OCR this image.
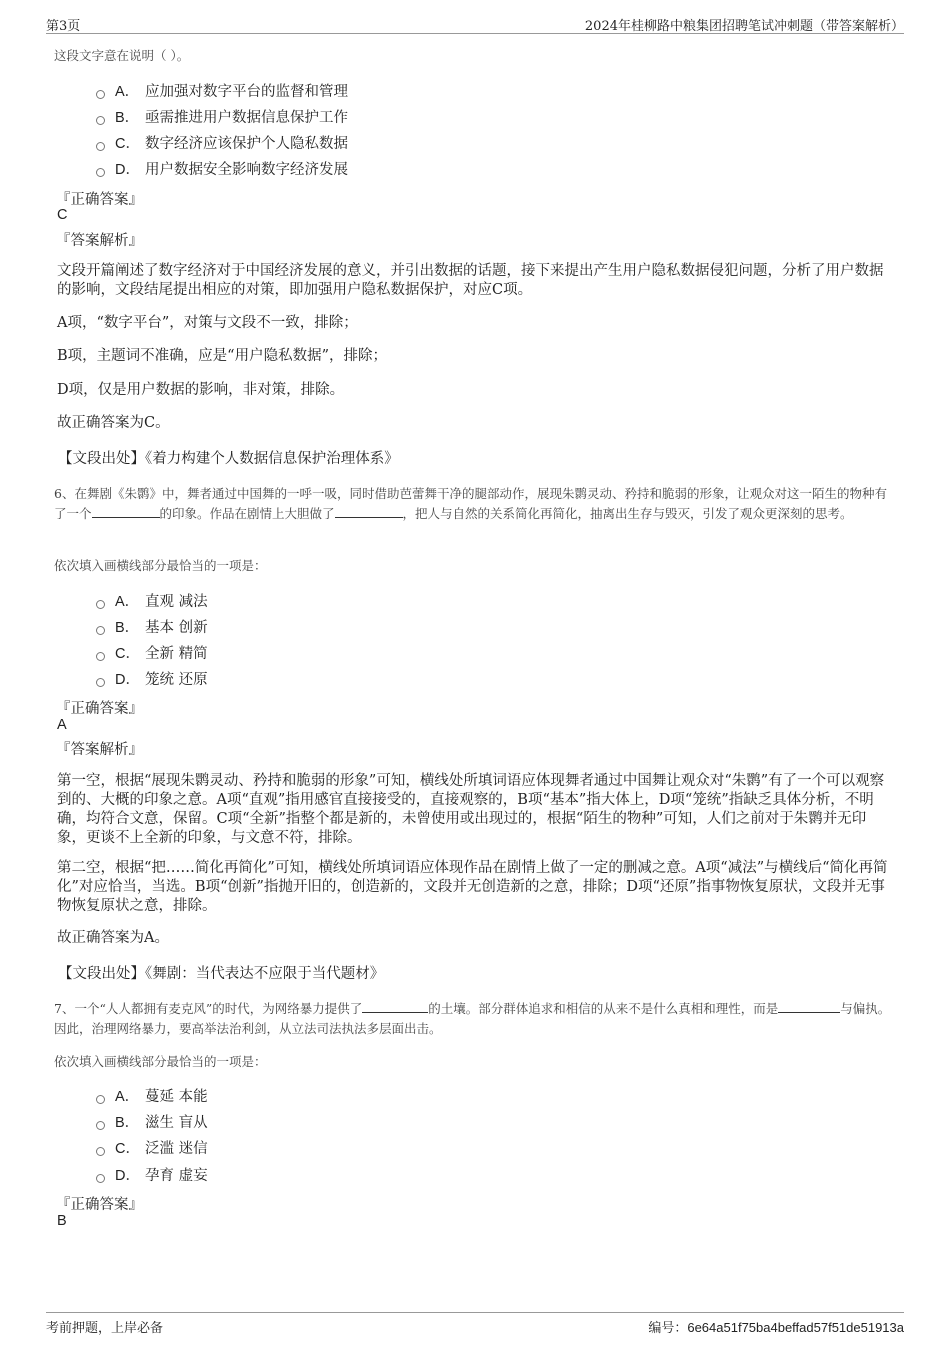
第3页	2024年桂柳路中粮集团招聘笔试冲刺题（带答案解析）
这段文字意在说明（ ）。
A． 应加强对数字平台的监督和管理
B． 亟需推进用户数据信息保护工作
C． 数字经济应该保护个人隐私数据
D． 用户数据安全影响数字经济发展
『正确答案』
C
『答案解析』
文段开篇阐述了数字经济对于中国经济发展的意义，并引出数据的话题，接下来提出产生用户隐私数据侵犯问题，分析了用户数据的影响，文段结尾提出相应的对策，即加强用户隐私数据保护，对应C项。
A项，“数字平台”，对策与文段不一致，排除；
B项，主题词不准确，应是“用户隐私数据”，排除；
D项，仅是用户数据的影响，非对策，排除。
故正确答案为C。
【文段出处】《着力构建个人数据信息保护治理体系》
6、在舞剧《朱鹮》中，舞者通过中国舞的一呼一吸，同时借助芭蕾舞干净的腿部动作，展现朱鹮灵动、矜持和脆弱的形象，让观众对这一陌生的物种有了一个	的印象。作品在剧情上大胆做了	，把人与自然的关系简化再简化，抽离出生存与毁灭，引发了观众更深刻的思考。
依次填入画横线部分最恰当的一项是：
A． 直观 减法
B． 基本 创新
C． 全新 精简
D． 笼统 还原
『正确答案』
A
『答案解析』
第一空，根据“展现朱鹮灵动、矜持和脆弱的形象”可知，横线处所填词语应体现舞者通过中国舞让观众对“朱鹮”有了一个可以观察到的、大概的印象之意。A项“直观”指用感官直接接受的，直接观察的，B项“基本”指大体上，D项“笼统”指缺乏具体分析，不明确，均符合文意，保留。C项“全新”指整个都是新的，未曾使用或出现过的，根据“陌生的物种”可知，人们之前对于朱鹮并无印象，更谈不上全新的印象，与文意不符，排除。
第二空，根据“把……简化再简化”可知，横线处所填词语应体现作品在剧情上做了一定的删减之意。A项“减法”与横线后“简化再简化”对应恰当，当选。B项“创新”指抛开旧的，创造新的，文段并无创造新的之意，排除；D项“还原”指事物恢复原状，文段并无事物恢复原状之意，排除。
故正确答案为A。
【文段出处】《舞剧：当代表达不应限于当代题材》
7、一个“人人都拥有麦克风”的时代，为网络暴力提供了	的土壤。部分群体追求和相信的从来不是什么真相和理性，而是	与偏执。因此，治理网络暴力，要高举法治利剑，从立法司法执法多层面出击。
依次填入画横线部分最恰当的一项是：
A． 蔓延 本能
B． 滋生 盲从
C． 泛滥 迷信
D． 孕育 虚妄
『正确答案』
B
考前押题，上岸必备	编号：6e64a51f75ba4beffad57f51de51913a
